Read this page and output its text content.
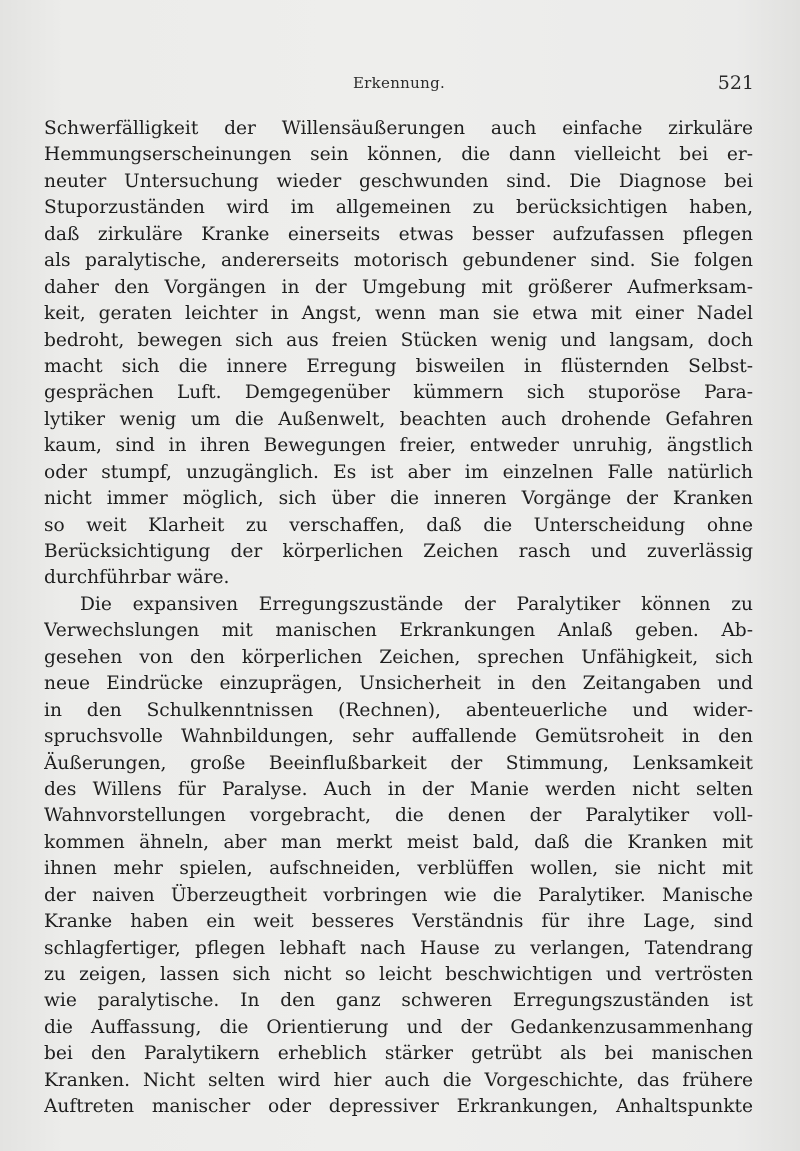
Erkennung.	521
Schwerfälligkeit der Willensäußerungen auch einfache zirkuläre
Hemmungserscheinungen sein können, die dann vielleicht bei er-
neuter Untersuchung wieder geschwunden sind. Die Diagnose bei
Stuporzuständen wird im allgemeinen zu berücksichtigen haben,
daß zirkuläre Kranke einerseits etwas besser aufzufassen pflegen
als paralytische, andererseits motorisch gebundener sind. Sie folgen
daher den Vorgängen in der Umgebung mit größerer Aufmerksam-
keit, geraten leichter in Angst, wenn man sie etwa mit einer Nadel
bedroht, bewegen sich aus freien Stücken wenig und langsam, doch
macht sich die innere Erregung bisweilen in flüsternden Selbst-
gesprächen Luft. Demgegenüber kümmern sich stuporöse Para-
lytiker wenig um die Außenwelt, beachten auch drohende Gefahren
kaum, sind in ihren Bewegungen freier, entweder unruhig, ängstlich
oder stumpf, unzugänglich. Es ist aber im einzelnen Falle natürlich
nicht immer möglich, sich über die inneren Vorgänge der Kranken
so weit Klarheit zu verschaffen, daß die Unterscheidung ohne
Berücksichtigung der körperlichen Zeichen rasch und zuverlässig
durchführbar wäre.
Die expansiven Erregungszustände der Paralytiker können zu
Verwechslungen mit manischen Erkrankungen Anlaß geben. Ab-
gesehen von den körperlichen Zeichen, sprechen Unfähigkeit, sich
neue Eindrücke einzuprägen, Unsicherheit in den Zeitangaben und
in den Schulkenntnissen (Rechnen), abenteuerliche und wider-
spruchsvolle Wahnbildungen, sehr auffallende Gemütsroheit in den
Äußerungen, große Beeinflußbarkeit der Stimmung, Lenksamkeit
des Willens für Paralyse. Auch in der Manie werden nicht selten
Wahnvorstellungen vorgebracht, die denen der Paralytiker voll-
kommen ähneln, aber man merkt meist bald, daß die Kranken mit
ihnen mehr spielen, aufschneiden, verblüffen wollen, sie nicht mit
der naiven Überzeugtheit vorbringen wie die Paralytiker. Manische
Kranke haben ein weit besseres Verständnis für ihre Lage, sind
schlagfertiger, pflegen lebhaft nach Hause zu verlangen, Tatendrang
zu zeigen, lassen sich nicht so leicht beschwichtigen und vertrösten
wie paralytische. In den ganz schweren Erregungszuständen ist
die Auffassung, die Orientierung und der Gedankenzusammenhang
bei den Paralytikern erheblich stärker getrübt als bei manischen
Kranken. Nicht selten wird hier auch die Vorgeschichte, das frühere
Auftreten manischer oder depressiver Erkrankungen, Anhaltspunkte
